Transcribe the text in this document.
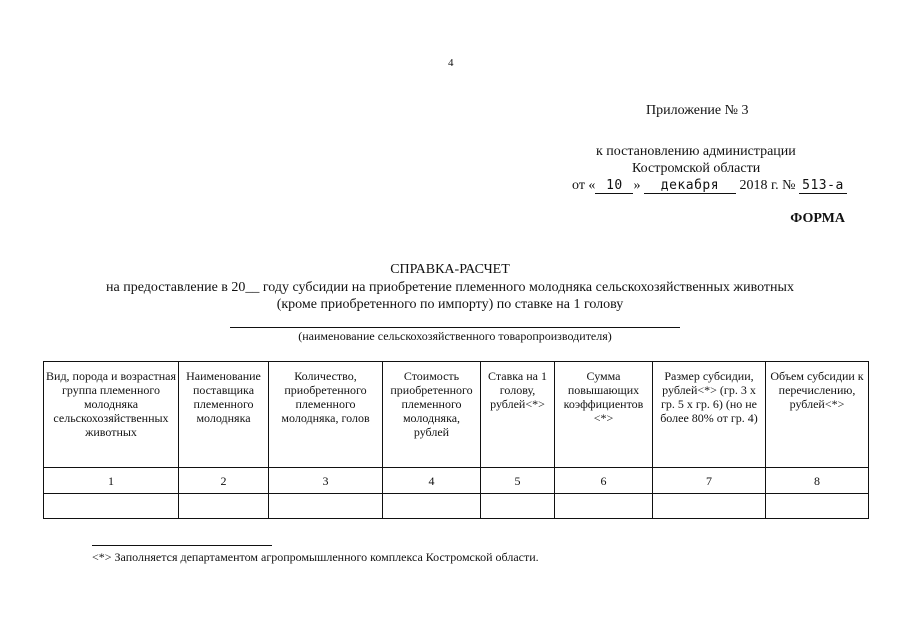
4
Приложение № 3
к постановлению администрации
Костромской области
от « 10 » декабря 2018 г. № 513-а
ФОРМА
СПРАВКА-РАСЧЕТ
на предоставление в 20__ году субсидии на приобретение племенного молодняка сельскохозяйственных животных
(кроме приобретенного по импорту) по ставке на 1 голову
(наименование сельскохозяйственного товаропроизводителя)
Вид, порода и возрастная группа племенного молодняка сельскохозяйственных животных	Наименование поставщика племенного молодняка	Количество, приобретенного племенного молодняка, голов	Стоимость приобретенного племенного молодняка, рублей	Ставка на 1 голову, рублей<*>	Сумма повышающих коэффициентов <*>	Размер субсидии, рублей<*> (гр. 3 х гр. 5 х гр. 6) (но не более 80% от гр. 4)	Объем субсидии к перечислению, рублей<*>
1	2	3	4	5	6	7	8

<*> Заполняется департаментом агропромышленного комплекса Костромской области.
